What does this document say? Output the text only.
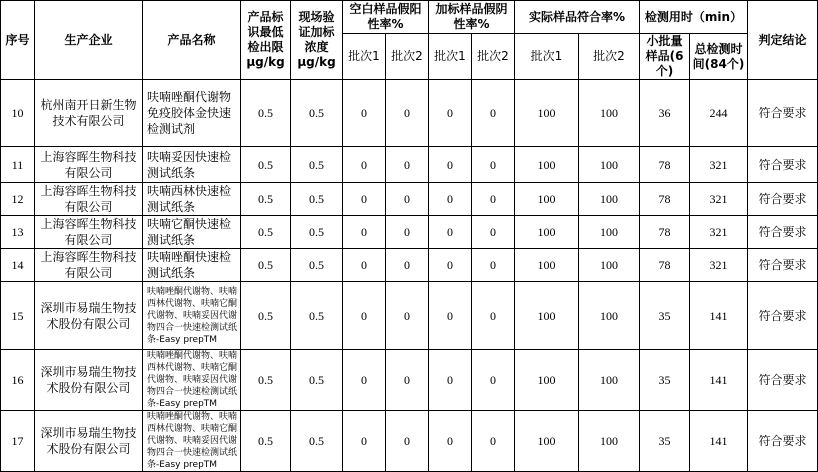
序号	生产企业	产品名称	产品标识最低检出限 μg/kg	现场验证加标浓度μg/kg	空白样品假阳性率%		加标样品假阴性率%		实际样品符合率%		检测用时（min）		判定结论
					批次1	批次2	批次1	批次2	批次1	批次2	小批量样品(6个)	总检测时间(84个)	
10	杭州南开日新生物技术有限公司	呋喃唑酮代谢物免疫胶体金快速检测试剂	0.5	0.5	0	0	0	0	100	100	36	244	符合要求
11	上海容晖生物科技有限公司	呋喃妥因快速检测试纸条	0.5	0.5	0	0	0	0	100	100	78	321	符合要求
12	上海容晖生物科技有限公司	呋喃西林快速检测试纸条	0.5	0.5	0	0	0	0	100	100	78	321	符合要求
13	上海容晖生物科技有限公司	呋喃它酮快速检测试纸条	0.5	0.5	0	0	0	0	100	100	78	321	符合要求
14	上海容晖生物科技有限公司	呋喃唑酮快速检测试纸条	0.5	0.5	0	0	0	0	100	100	78	321	符合要求
15	深圳市易瑞生物技术股份有限公司	呋喃唑酮代谢物、呋喃西林代谢物、呋喃它酮代谢物、呋喃妥因代谢物四合一快速检测试纸条-Easy prepTM	0.5	0.5	0	0	0	0	100	100	35	141	符合要求
16	深圳市易瑞生物技术股份有限公司	呋喃唑酮代谢物、呋喃西林代谢物、呋喃它酮代谢物、呋喃妥因代谢物四合一快速检测试纸条-Easy prepTM	0.5	0.5	0	0	0	0	100	100	35	141	符合要求
17	深圳市易瑞生物技术股份有限公司	呋喃唑酮代谢物、呋喃西林代谢物、呋喃它酮代谢物、呋喃妥因代谢物四合一快速检测试纸条-Easy prepTM	0.5	0.5	0	0	0	0	100	100	35	141	符合要求
